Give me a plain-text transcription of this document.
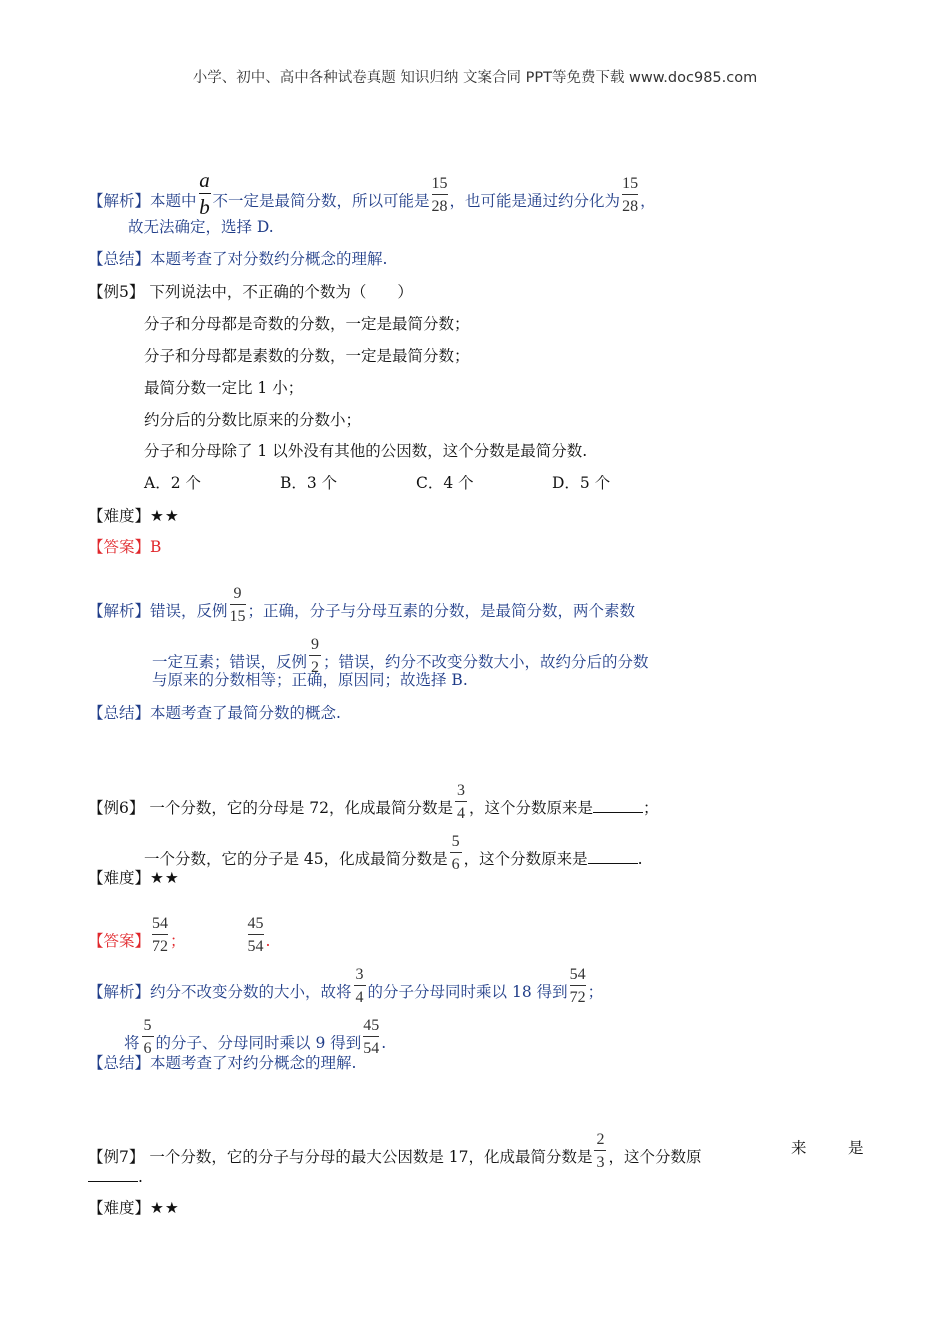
小学、初中、高中各种试卷真题 知识归纳 文案合同 PPT等免费下载 www.doc985.com
【解析】本题中 $\frac{a}{b}$ 不一定是最简分数，所以可能是 $\frac{15}{28}$ ，也可能是通过约分化为 $\frac{15}{28}$ ，
故无法确定，选择 D.
【总结】本题考查了对分数约分概念的理解.
【例5】 下列说法中，不正确的个数为（　　）
分子和分母都是奇数的分数，一定是最简分数；
分子和分母都是素数的分数，一定是最简分数；
最简分数一定比 1 小；
约分后的分数比原来的分数小；
分子和分母除了 1 以外没有其他的公因数，这个分数是最简分数.
A．2 个	B．3 个	C．4 个	D．5 个
【难度】★★
【答案】B
【解析】错误，反例 $\frac{9}{15}$ ；正确，分子与分母互素的分数，是最简分数，两个素数
一定互素；错误，反例 $\frac{9}{2}$ ；错误，约分不改变分数大小，故约分后的分数
与原来的分数相等；正确，原因同；故选择 B.
【总结】本题考查了最简分数的概念.
【例6】 一个分数，它的分母是 72，化成最简分数是 $\frac{3}{4}$ ，这个分数原来是	；
一个分数，它的分子是 45，化成最简分数是 $\frac{5}{6}$ ，这个分数原来是	.
【难度】★★
【答案】 $\frac{54}{72}$ ；	$\frac{45}{54}$ .
【解析】约分不改变分数的大小，故将 $\frac{3}{4}$ 的分子分母同时乘以 18 得到 $\frac{54}{72}$ ；
将 $\frac{5}{6}$ 的分子、分母同时乘以 9 得到 $\frac{45}{54}$ .
【总结】本题考查了对约分概念的理解.
【例7】 一个分数，它的分子与分母的最大公因数是 17，化成最简分数是 $\frac{2}{3}$ ，这个分数原	来	是
.
【难度】★★
